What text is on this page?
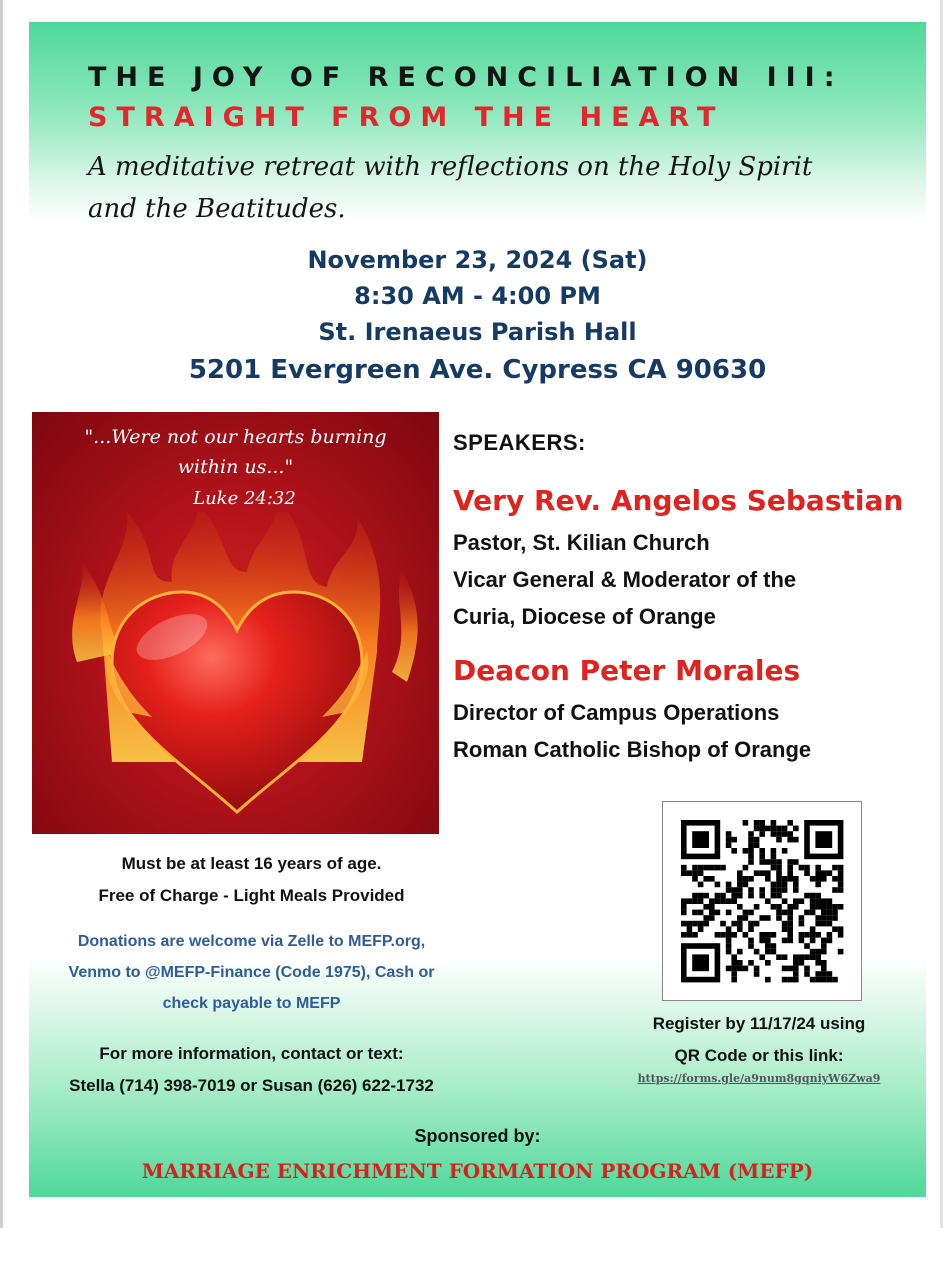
THE JOY OF RECONCILIATION III:
STRAIGHT FROM THE HEART
A meditative retreat with reflections on the Holy Spirit
and the Beatitudes.
November 23, 2024 (Sat)
8:30 AM - 4:00 PM
St. Irenaeus Parish Hall
5201 Evergreen Ave. Cypress CA 90630
"...Were not our hearts burning
within us..."
Luke 24:32
SPEAKERS:
Very Rev. Angelos Sebastian
Pastor, St. Kilian Church
Vicar General & Moderator of the
Curia, Diocese of Orange
Deacon Peter Morales
Director of Campus Operations
Roman Catholic Bishop of Orange
Must be at least 16 years of age.
Free of Charge - Light Meals Provided
Donations are welcome via Zelle to MEFP.org,
Venmo to @MEFP-Finance (Code 1975), Cash or
check payable to MEFP
For more information, contact or text:
Stella (714) 398-7019 or Susan (626) 622-1732
Register by 11/17/24 using
QR Code or this link:
https://forms.gle/a9num8gqniyW6Zwa9
Sponsored by:
MARRIAGE ENRICHMENT FORMATION PROGRAM (MEFP)
